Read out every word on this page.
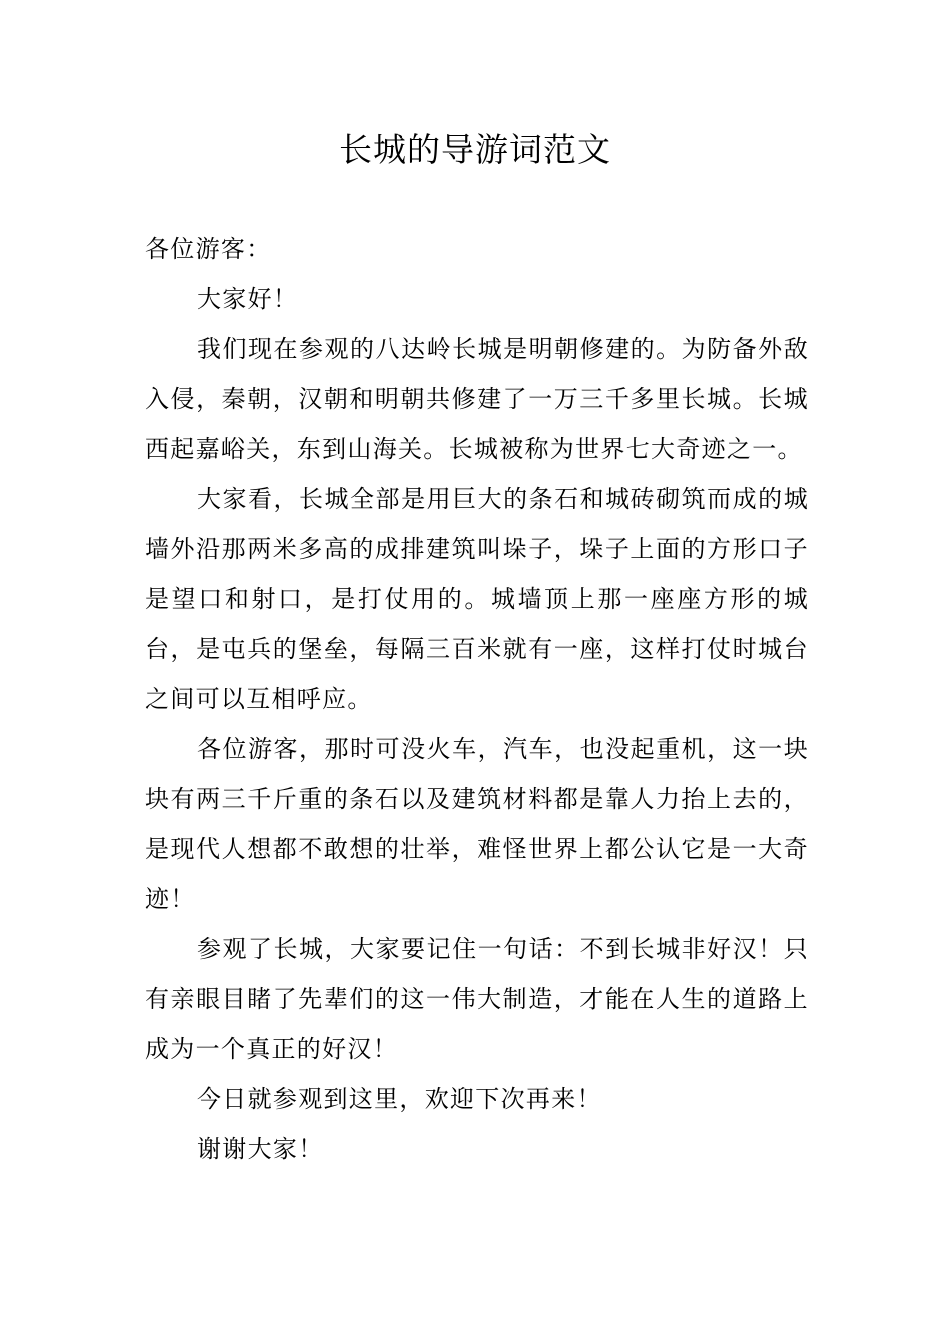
长城的导游词范文

各位游客：

大家好！

我们现在参观的八达岭长城是明朝修建的。为防备外敌入侵，秦朝，汉朝和明朝共修建了一万三千多里长城。长城西起嘉峪关，东到山海关。长城被称为世界七大奇迹之一。

大家看，长城全部是用巨大的条石和城砖砌筑而成的城墙外沿那两米多高的成排建筑叫垛子，垛子上面的方形口子是望口和射口，是打仗用的。城墙顶上那一座座方形的城台，是屯兵的堡垒，每隔三百米就有一座，这样打仗时城台之间可以互相呼应。

各位游客，那时可没火车，汽车，也没起重机，这一块块有两三千斤重的条石以及建筑材料都是靠人力抬上去的，是现代人想都不敢想的壮举，难怪世界上都公认它是一大奇迹！

参观了长城，大家要记住一句话：不到长城非好汉！只有亲眼目睹了先辈们的这一伟大制造，才能在人生的道路上成为一个真正的好汉！

今日就参观到这里，欢迎下次再来！

谢谢大家！
